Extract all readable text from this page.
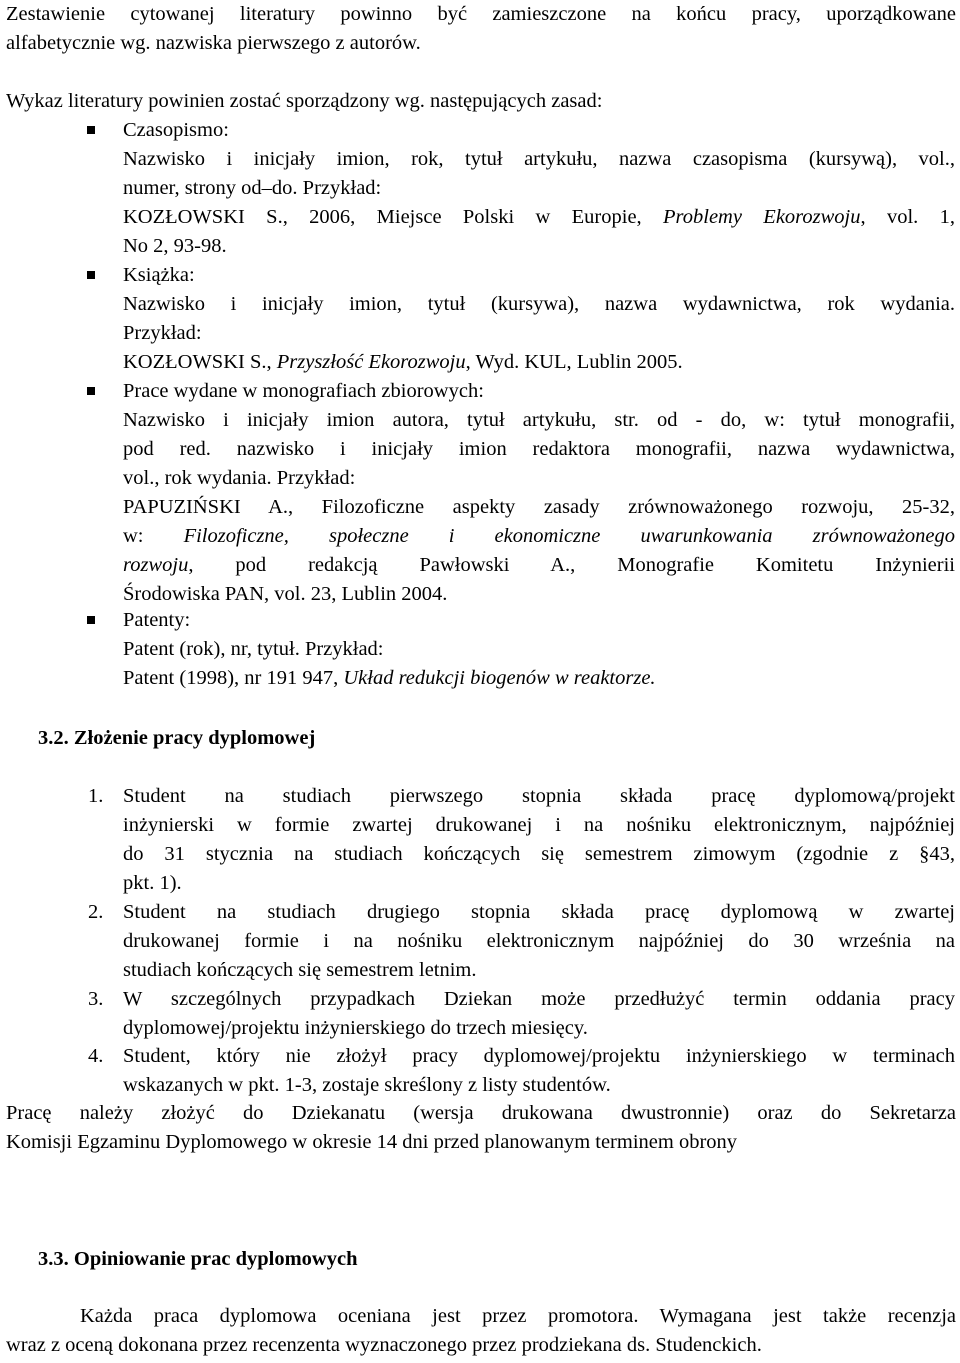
Zestawienie cytowanej literatury powinno być zamieszczone na końcu pracy, uporządkowane
alfabetycznie wg. nazwiska pierwszego z autorów.
Wykaz literatury powinien zostać sporządzony wg. następujących zasad:
Czasopismo:
Nazwisko i inicjały imion, rok, tytuł artykułu, nazwa czasopisma (kursywą), vol.,
numer, strony od–do. Przykład:
KOZŁOWSKI S., 2006, Miejsce Polski w Europie, Problemy Ekorozwoju, vol. 1,
No 2, 93-98.
Książka:
Nazwisko i inicjały imion, tytuł (kursywa), nazwa wydawnictwa, rok wydania.
Przykład:
KOZŁOWSKI S., Przyszłość Ekorozwoju, Wyd. KUL, Lublin 2005.
Prace wydane w monografiach zbiorowych:
Nazwisko i inicjały imion autora, tytuł artykułu, str. od - do, w: tytuł monografii,
pod red. nazwisko i inicjały imion redaktora monografii, nazwa wydawnictwa,
vol., rok wydania. Przykład:
PAPUZIŃSKI A., Filozoficzne aspekty zasady zrównoważonego rozwoju, 25-32,
w: Filozoficzne, społeczne i ekonomiczne uwarunkowania zrównoważonego
rozwoju, pod redakcją Pawłowski A., Monografie Komitetu Inżynierii
Środowiska PAN, vol. 23, Lublin 2004.
Patenty:
Patent (rok), nr, tytuł. Przykład:
Patent (1998), nr 191 947, Układ redukcji biogenów w reaktorze.
3.2. Złożenie pracy dyplomowej
1. Student na studiach pierwszego stopnia składa pracę dyplomową/projekt
inżynierski w formie zwartej drukowanej i na nośniku elektronicznym, najpóźniej
do 31 stycznia na studiach kończących się semestrem zimowym (zgodnie z §43,
pkt. 1).
2. Student na studiach drugiego stopnia składa pracę dyplomową w zwartej
drukowanej formie i na nośniku elektronicznym najpóźniej do 30 września na
studiach kończących się semestrem letnim.
3. W szczególnych przypadkach Dziekan może przedłużyć termin oddania pracy
dyplomowej/projektu inżynierskiego do trzech miesięcy.
4. Student, który nie złożył pracy dyplomowej/projektu inżynierskiego w terminach
wskazanych w pkt. 1-3, zostaje skreślony z listy studentów.
Pracę należy złożyć do Dziekanatu (wersja drukowana dwustronnie) oraz do Sekretarza
Komisji Egzaminu Dyplomowego w okresie 14 dni przed planowanym terminem obrony
3.3. Opiniowanie prac dyplomowych
Każda praca dyplomowa oceniana jest przez promotora. Wymagana jest także recenzja
wraz z oceną dokonana przez recenzenta wyznaczonego przez prodziekana ds. Studenckich.
